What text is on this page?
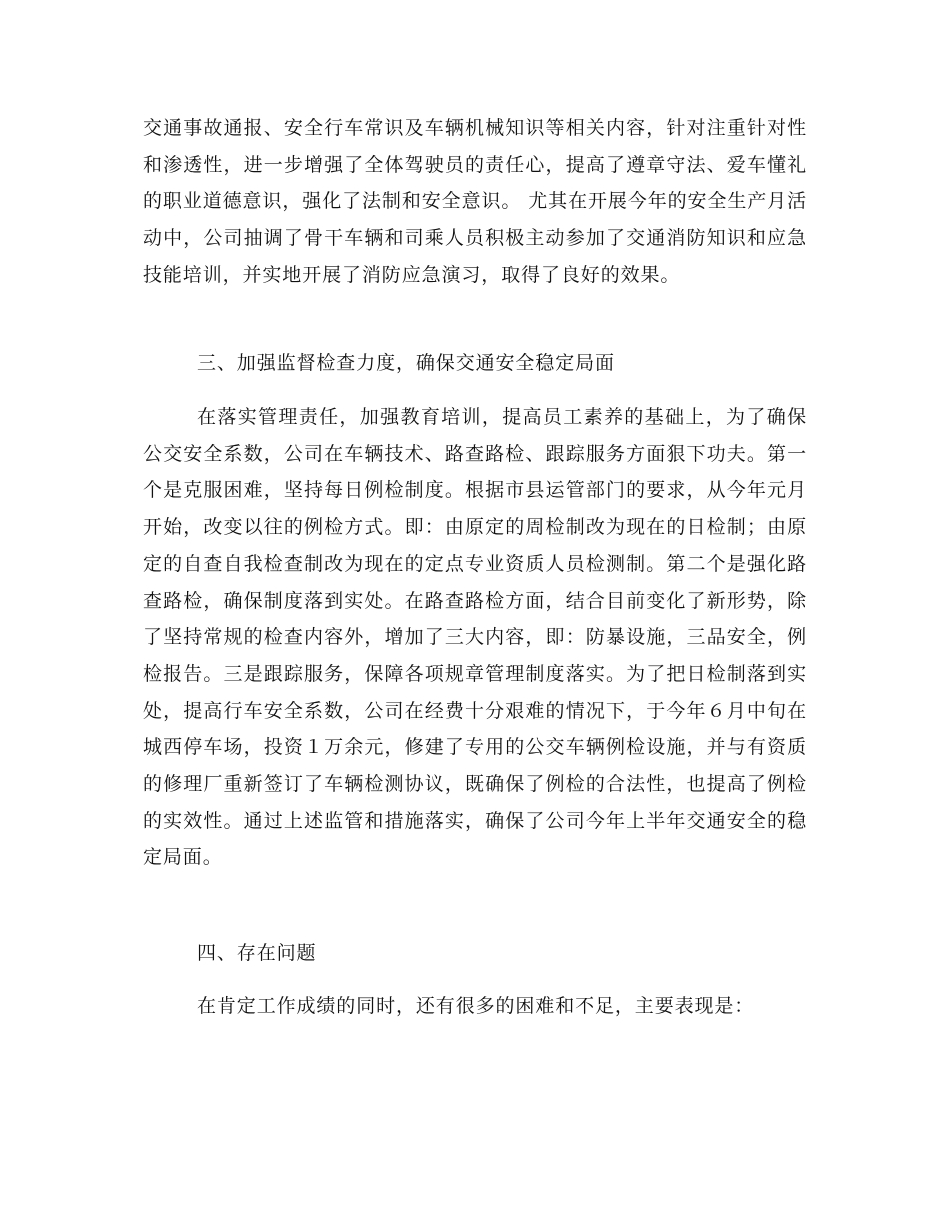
交通事故通报、安全行车常识及车辆机械知识等相关内容，针对注重针对性和渗透性，进一步增强了全体驾驶员的责任心，提高了遵章守法、爱车懂礼的职业道德意识，强化了法制和安全意识。 尤其在开展今年的安全生产月活动中，公司抽调了骨干车辆和司乘人员积极主动参加了交通消防知识和应急技能培训，并实地开展了消防应急演习，取得了良好的效果。

三、加强监督检查力度，确保交通安全稳定局面

在落实管理责任，加强教育培训，提高员工素养的基础上，为了确保公交安全系数，公司在车辆技术、路查路检、跟踪服务方面狠下功夫。第一个是克服困难，坚持每日例检制度。根据市县运管部门的要求，从今年元月开始，改变以往的例检方式。即：由原定的周检制改为现在的日检制；由原定的自查自我检查制改为现在的定点专业资质人员检测制。第二个是强化路查路检，确保制度落到实处。在路查路检方面，结合目前变化了新形势，除了坚持常规的检查内容外，增加了三大内容，即：防暴设施，三品安全，例检报告。三是跟踪服务，保障各项规章管理制度落实。为了把日检制落到实处，提高行车安全系数，公司在经费十分艰难的情况下，于今年６月中旬在城西停车场，投资１万余元，修建了专用的公交车辆例检设施，并与有资质的修理厂重新签订了车辆检测协议，既确保了例检的合法性，也提高了例检的实效性。通过上述监管和措施落实，确保了公司今年上半年交通安全的稳定局面。

四、存在问题

在肯定工作成绩的同时，还有很多的困难和不足，主要表现是：
